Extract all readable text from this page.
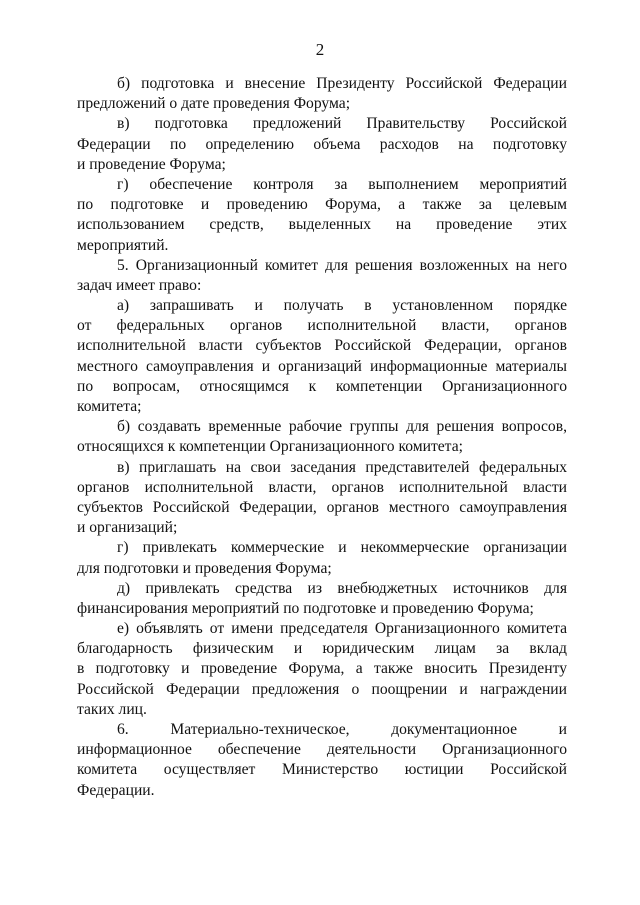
2
б) подготовка и внесение Президенту Российской Федерации
предложений о дате проведения Форума;
в) подготовка предложений Правительству Российской
Федерации по определению объема расходов на подготовку
и проведение Форума;
г) обеспечение контроля за выполнением мероприятий
по подготовке и проведению Форума, а также за целевым
использованием средств, выделенных на проведение этих
мероприятий.
5. Организационный комитет для решения возложенных на него
задач имеет право:
а) запрашивать и получать в установленном порядке
от федеральных органов исполнительной власти, органов
исполнительной власти субъектов Российской Федерации, органов
местного самоуправления и организаций информационные материалы
по вопросам, относящимся к компетенции Организационного
комитета;
б) создавать временные рабочие группы для решения вопросов,
относящихся к компетенции Организационного комитета;
в) приглашать на свои заседания представителей федеральных
органов исполнительной власти, органов исполнительной власти
субъектов Российской Федерации, органов местного самоуправления
и организаций;
г) привлекать коммерческие и некоммерческие организации
для подготовки и проведения Форума;
д) привлекать средства из внебюджетных источников для
финансирования мероприятий по подготовке и проведению Форума;
е) объявлять от имени председателя Организационного комитета
благодарность физическим и юридическим лицам за вклад
в подготовку и проведение Форума, а также вносить Президенту
Российской Федерации предложения о поощрении и награждении
таких лиц.
6. Материально-техническое, документационное и
информационное обеспечение деятельности Организационного
комитета осуществляет Министерство юстиции Российской
Федерации.
